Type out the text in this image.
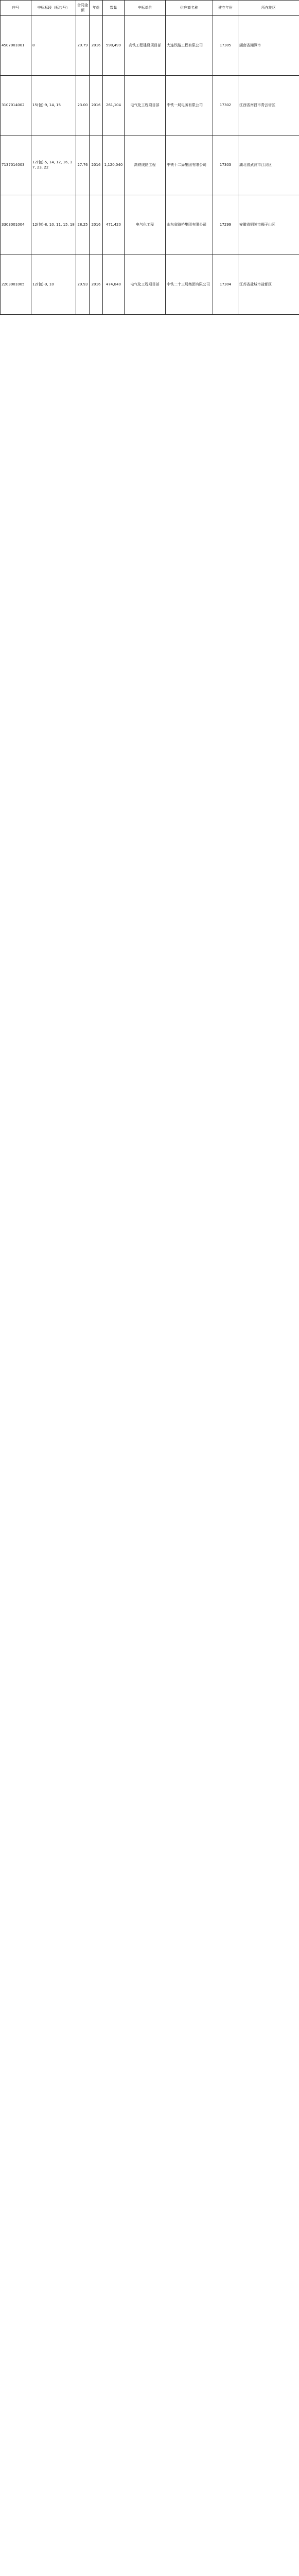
序号	中标标段（标包号）	合同金额	年份	数量	中标单价	供应商名称	建立年份	所在地区
4507001001	8	29.79	2016	598,499	高铁工程建设项目部	大连铁路工程有限公司	17305	湖南省湘潭市
3107014002	15(包)-9, 14, 15	23.00	2016	261,104	电气化工程项目部	中铁一局电务有限公司	17302	江西省南昌市青云谱区
7137014003	12(包)-5, 14, 12, 16, 17, 23, 22	27.76	2016	1,120,040	高铁线路工程	中铁十二局集团有限公司	17303	湖北省武汉市江汉区
3303001004	12(包)-8, 10, 11, 15, 18	28.25	2016	471,420	电气化工程	山东省路桥集团有限公司	17299	安徽省铜陵市狮子山区
2203001005	12(包)-9, 10	29.93	2016	474,840	电气化工程项目部	中铁二十三局集团有限公司	17304	江苏省盐城市盐都区
